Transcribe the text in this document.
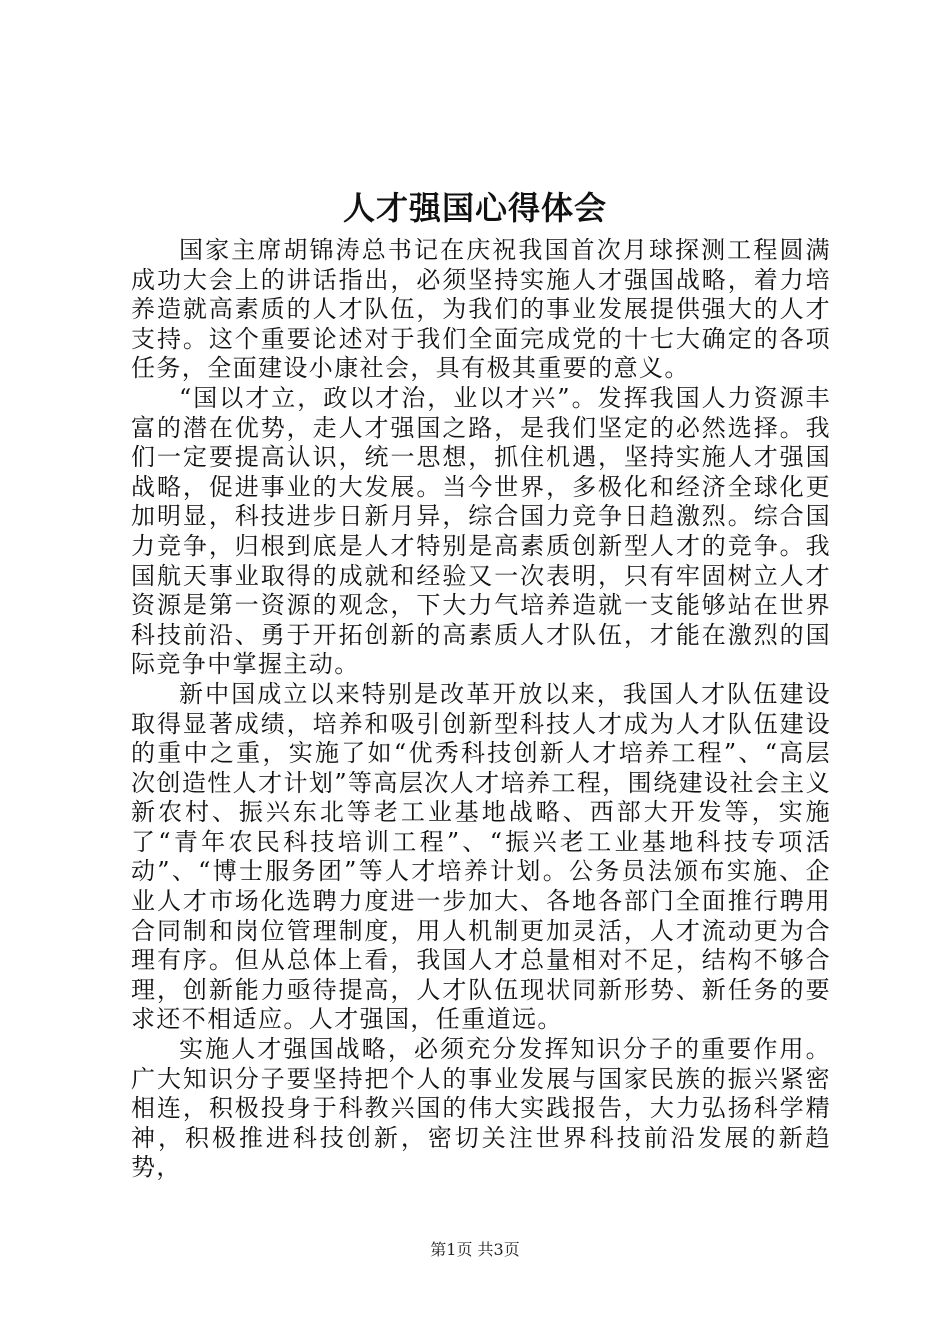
人才强国心得体会

国家主席胡锦涛总书记在庆祝我国首次月球探测工程圆满成功大会上的讲话指出，必须坚持实施人才强国战略，着力培养造就高素质的人才队伍，为我们的事业发展提供强大的人才支持。这个重要论述对于我们全面完成党的十七大确定的各项任务，全面建设小康社会，具有极其重要的意义。

“国以才立，政以才治，业以才兴”。发挥我国人力资源丰富的潜在优势，走人才强国之路，是我们坚定的必然选择。我们一定要提高认识，统一思想，抓住机遇，坚持实施人才强国战略，促进事业的大发展。当今世界，多极化和经济全球化更加明显，科技进步日新月异，综合国力竞争日趋激烈。综合国力竞争，归根到底是人才特别是高素质创新型人才的竞争。我国航天事业取得的成就和经验又一次表明，只有牢固树立人才资源是第一资源的观念，下大力气培养造就一支能够站在世界科技前沿、勇于开拓创新的高素质人才队伍，才能在激烈的国际竞争中掌握主动。

新中国成立以来特别是改革开放以来，我国人才队伍建设取得显著成绩，培养和吸引创新型科技人才成为人才队伍建设的重中之重，实施了如“优秀科技创新人才培养工程”、“高层次创造性人才计划”等高层次人才培养工程，围绕建设社会主义新农村、振兴东北等老工业基地战略、西部大开发等，实施了“青年农民科技培训工程”、“振兴老工业基地科技专项活动”、“博士服务团”等人才培养计划。公务员法颁布实施、企业人才市场化选聘力度进一步加大、各地各部门全面推行聘用合同制和岗位管理制度，用人机制更加灵活，人才流动更为合理有序。但从总体上看，我国人才总量相对不足，结构不够合理，创新能力亟待提高，人才队伍现状同新形势、新任务的要求还不相适应。人才强国，任重道远。

实施人才强国战略，必须充分发挥知识分子的重要作用。广大知识分子要坚持把个人的事业发展与国家民族的振兴紧密相连，积极投身于科教兴国的伟大实践报告，大力弘扬科学精神，积极推进科技创新，密切关注世界科技前沿发展的新趋势，

第1页 共3页
